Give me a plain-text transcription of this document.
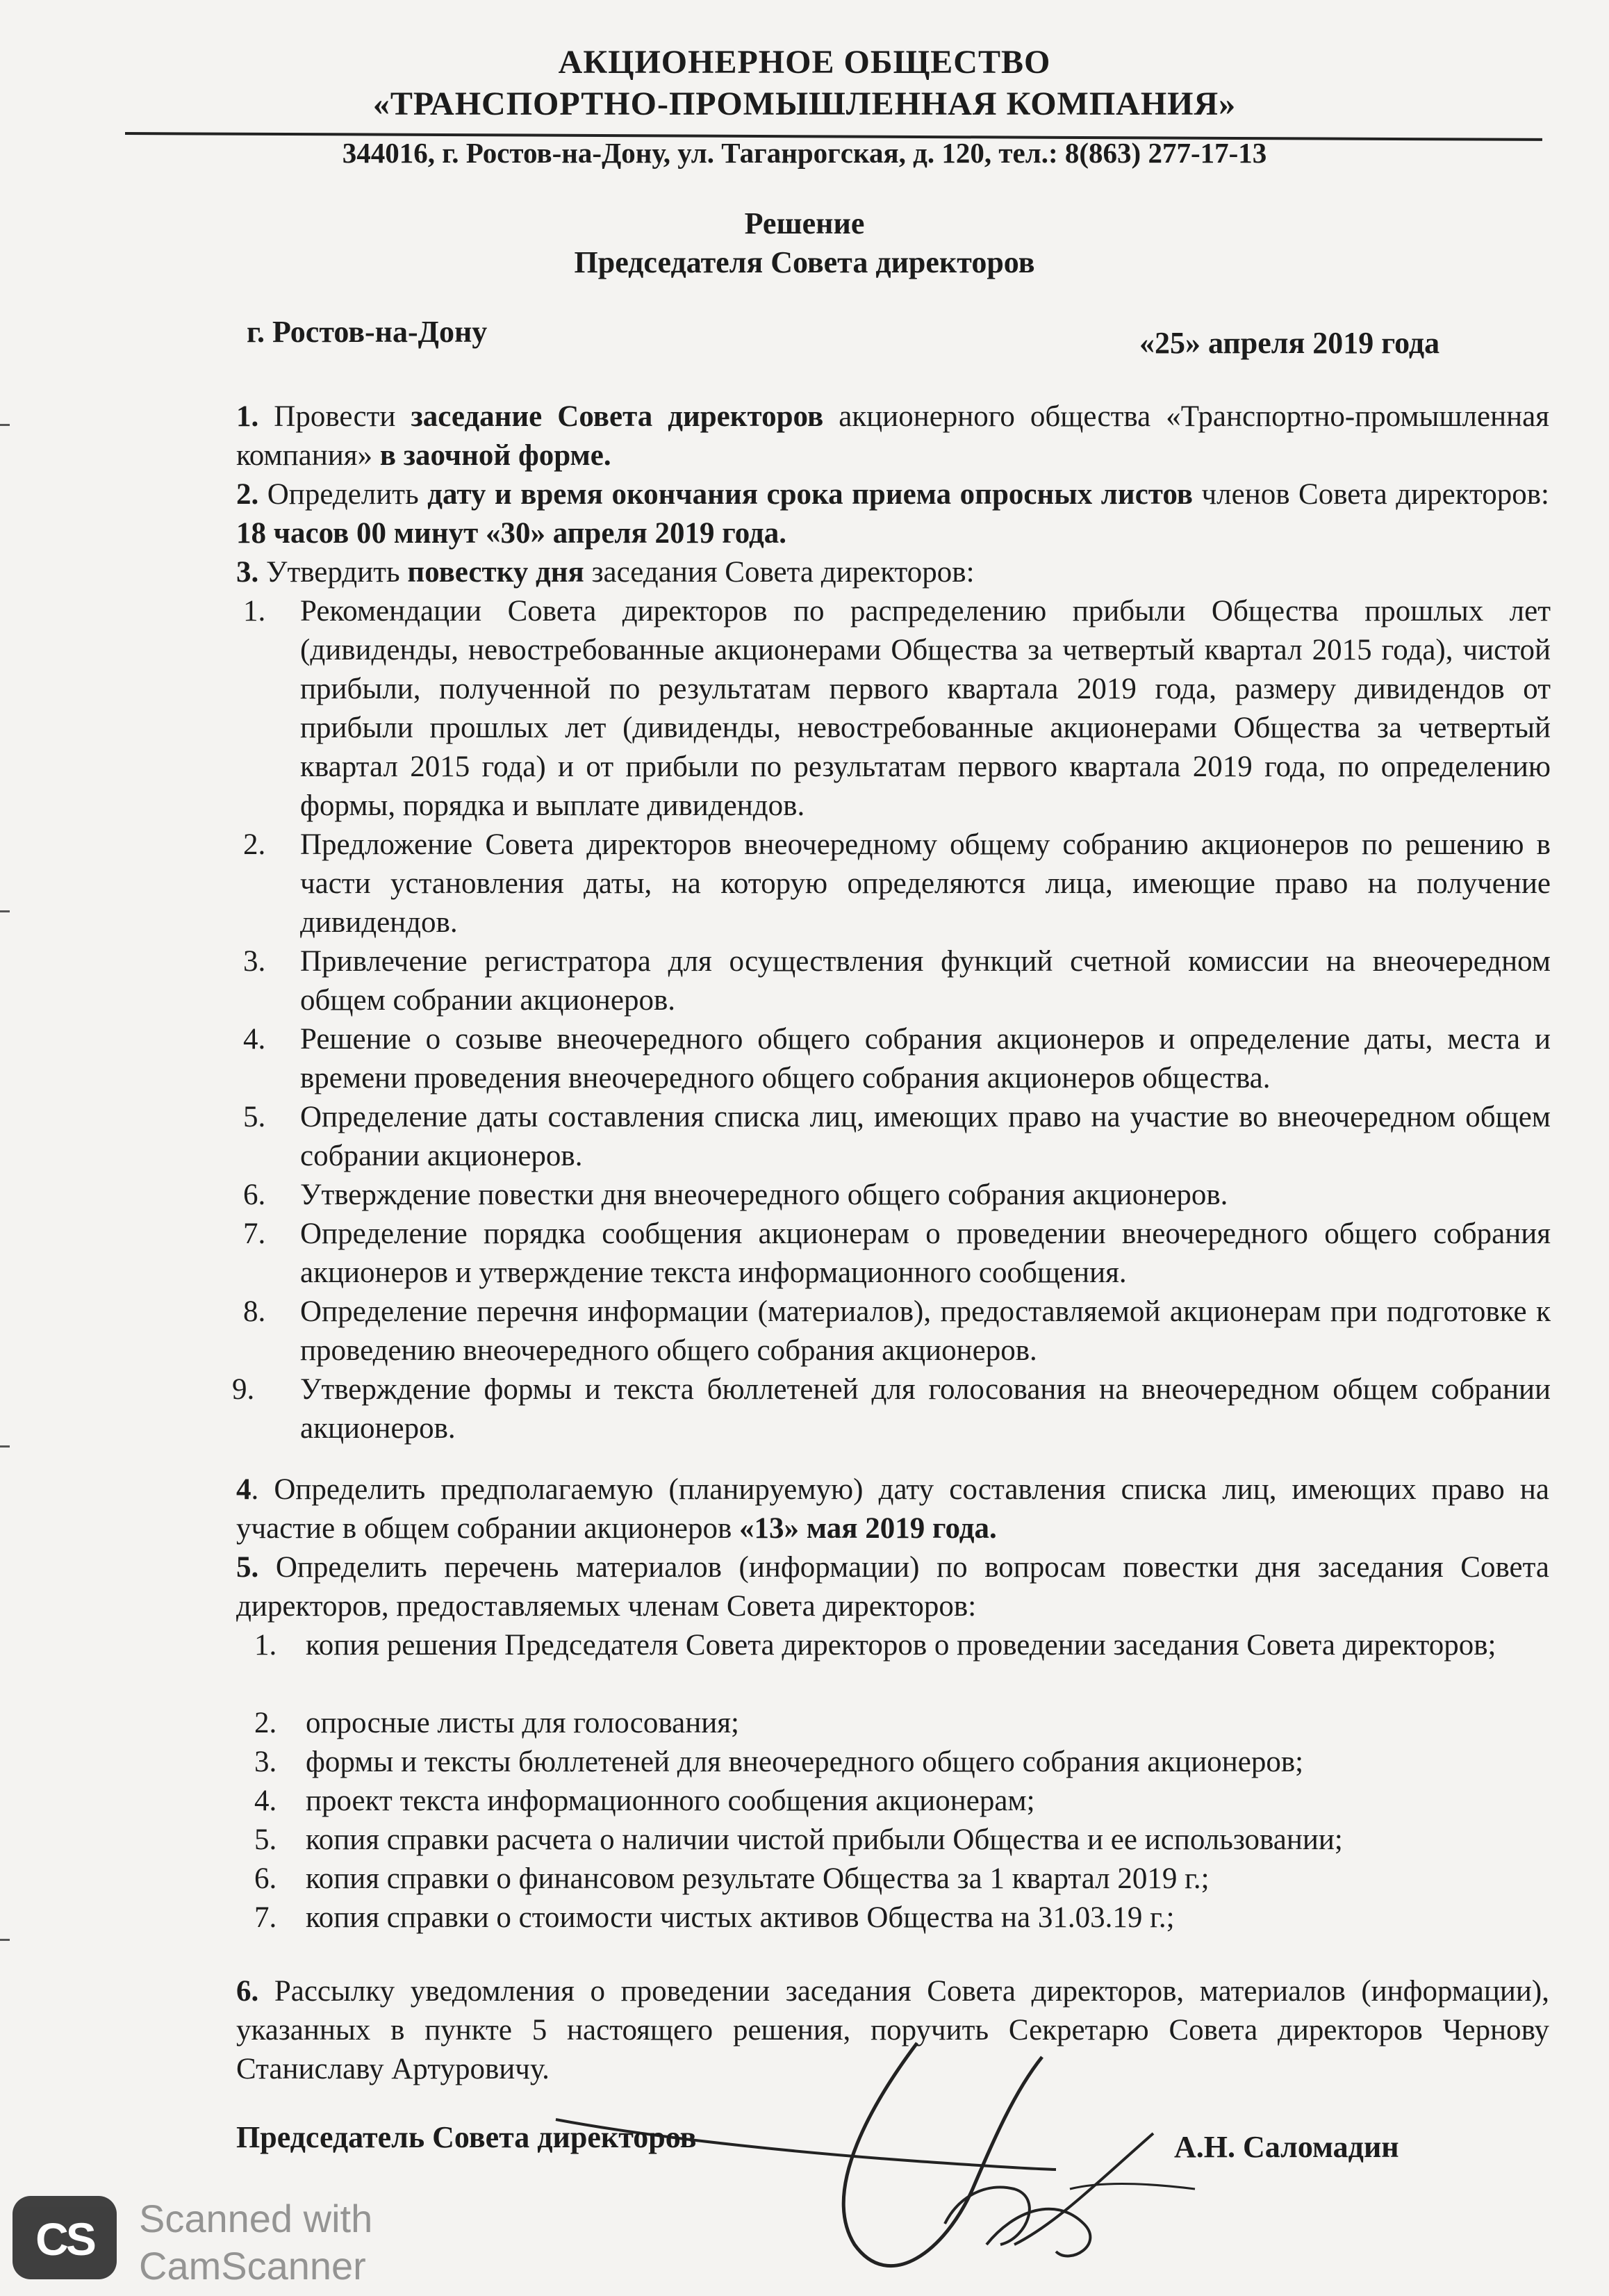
АКЦИОНЕРНОЕ ОБЩЕСТВО
«ТРАНСПОРТНО-ПРОМЫШЛЕННАЯ КОМПАНИЯ»
344016, г. Ростов-на-Дону, ул. Таганрогская, д. 120, тел.: 8(863) 277-17-13
Решение
Председателя Совета директоров
г. Ростов-на-Дону	«25» апреля 2019 года
1. Провести заседание Совета директоров акционерного общества «Транспортно-промышленная компания» в заочной форме.
2. Определить дату и время окончания срока приема опросных листов членов Совета директоров: 18 часов 00 минут «30» апреля 2019 года.
3. Утвердить повестку дня заседания Совета директоров:
1.	Рекомендации Совета директоров по распределению прибыли Общества прошлых лет (дивиденды, невостребованные акционерами Общества за четвертый квартал 2015 года), чистой прибыли, полученной по результатам первого квартала 2019 года, размеру дивидендов от прибыли прошлых лет (дивиденды, невостребованные акционерами Общества за четвертый квартал 2015 года) и от прибыли по результатам первого квартала 2019 года, по определению формы, порядка и выплате дивидендов.
2.	Предложение Совета директоров внеочередному общему собранию акционеров по решению в части установления даты, на которую определяются лица, имеющие право на получение дивидендов.
3.	Привлечение регистратора для осуществления функций счетной комиссии на внеочередном общем собрании акционеров.
4.	Решение о созыве внеочередного общего собрания акционеров и определение даты, места и времени проведения внеочередного общего собрания акционеров общества.
5.	Определение даты составления списка лиц, имеющих право на участие во внеочередном общем собрании акционеров.
6.	Утверждение повестки дня внеочередного общего собрания акционеров.
7.	Определение порядка сообщения акционерам о проведении внеочередного общего собрания акционеров и утверждение текста информационного сообщения.
8.	Определение перечня информации (материалов), предоставляемой акционерам при подготовке к проведению внеочередного общего собрания акционеров.
9.	Утверждение формы и текста бюллетеней для голосования на внеочередном общем собрании акционеров.
4. Определить предполагаемую (планируемую) дату составления списка лиц, имеющих право на участие в общем собрании акционеров «13» мая 2019 года.
5. Определить перечень материалов (информации) по вопросам повестки дня заседания Совета директоров, предоставляемых членам Совета директоров:
1. копия решения Председателя Совета директоров о проведении заседания Совета директоров;
2. опросные листы для голосования;
3. формы и тексты бюллетеней для внеочередного общего собрания акционеров;
4. проект текста информационного сообщения акционерам;
5. копия справки расчета о наличии чистой прибыли Общества и ее использовании;
6. копия справки о финансовом результате Общества за 1 квартал 2019 г.;
7. копия справки о стоимости чистых активов Общества на 31.03.19 г.;
6. Рассылку уведомления о проведении заседания Совета директоров, материалов (информации), указанных в пункте 5 настоящего решения, поручить Секретарю Совета директоров Чернову Станиславу Артуровичу.
Председатель Совета директоров	А.Н. Саломадин
CS	Scanned with
CamScanner
